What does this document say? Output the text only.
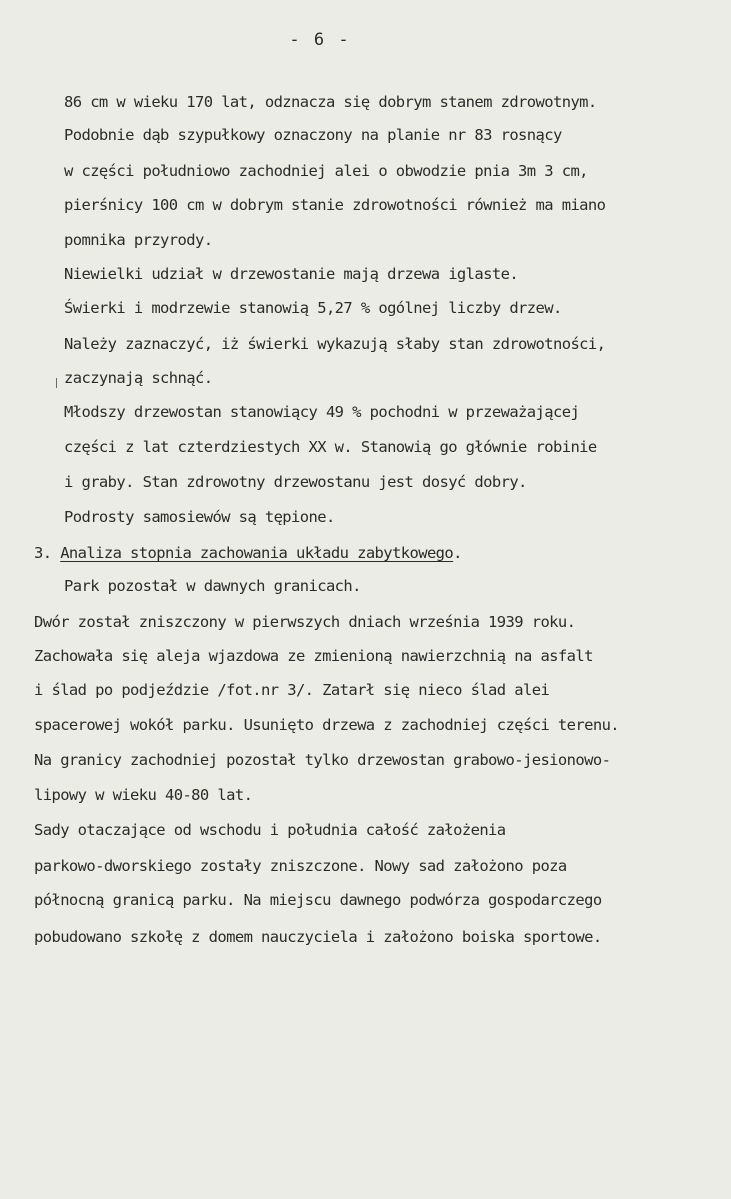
- 6 -
86 cm w wieku 170 lat, odznacza się dobrym stanem zdrowotnym.
Podobnie dąb szypułkowy oznaczony na planie nr 83 rosnący
w części południowo zachodniej alei o obwodzie pnia 3m 3 cm,
pierśnicy 100 cm w dobrym stanie zdrowotności również ma miano
pomnika przyrody.
Niewielki udział w drzewostanie mają drzewa iglaste.
Świerki i modrzewie stanowią 5,27 % ogólnej liczby drzew.
Należy zaznaczyć, iż świerki wykazują słaby stan zdrowotności,
zaczynają schnąć.
Młodszy drzewostan stanowiący 49 % pochodni w przeważającej
części z lat czterdziestych XX w. Stanowią go głównie robinie
i graby. Stan zdrowotny drzewostanu jest dosyć dobry.
Podrosty samosiewów są tępione.
3. Analiza stopnia zachowania układu zabytkowego.
Park pozostał w dawnych granicach.
Dwór został zniszczony w pierwszych dniach września 1939 roku.
Zachowała się aleja wjazdowa ze zmienioną nawierzchnią na asfalt
i ślad po podjeździe /fot.nr 3/. Zatarł się nieco ślad alei
spacerowej wokół parku. Usunięto drzewa z zachodniej części terenu.
Na granicy zachodniej pozostał tylko drzewostan grabowo-jesionowo-
lipowy w wieku 40-80 lat.
Sady otaczające od wschodu i południa całość założenia
parkowo-dworskiego zostały zniszczone. Nowy sad założono poza
północną granicą parku. Na miejscu dawnego podwórza gospodarczego
pobudowano szkołę z domem nauczyciela i założono boiska sportowe.
